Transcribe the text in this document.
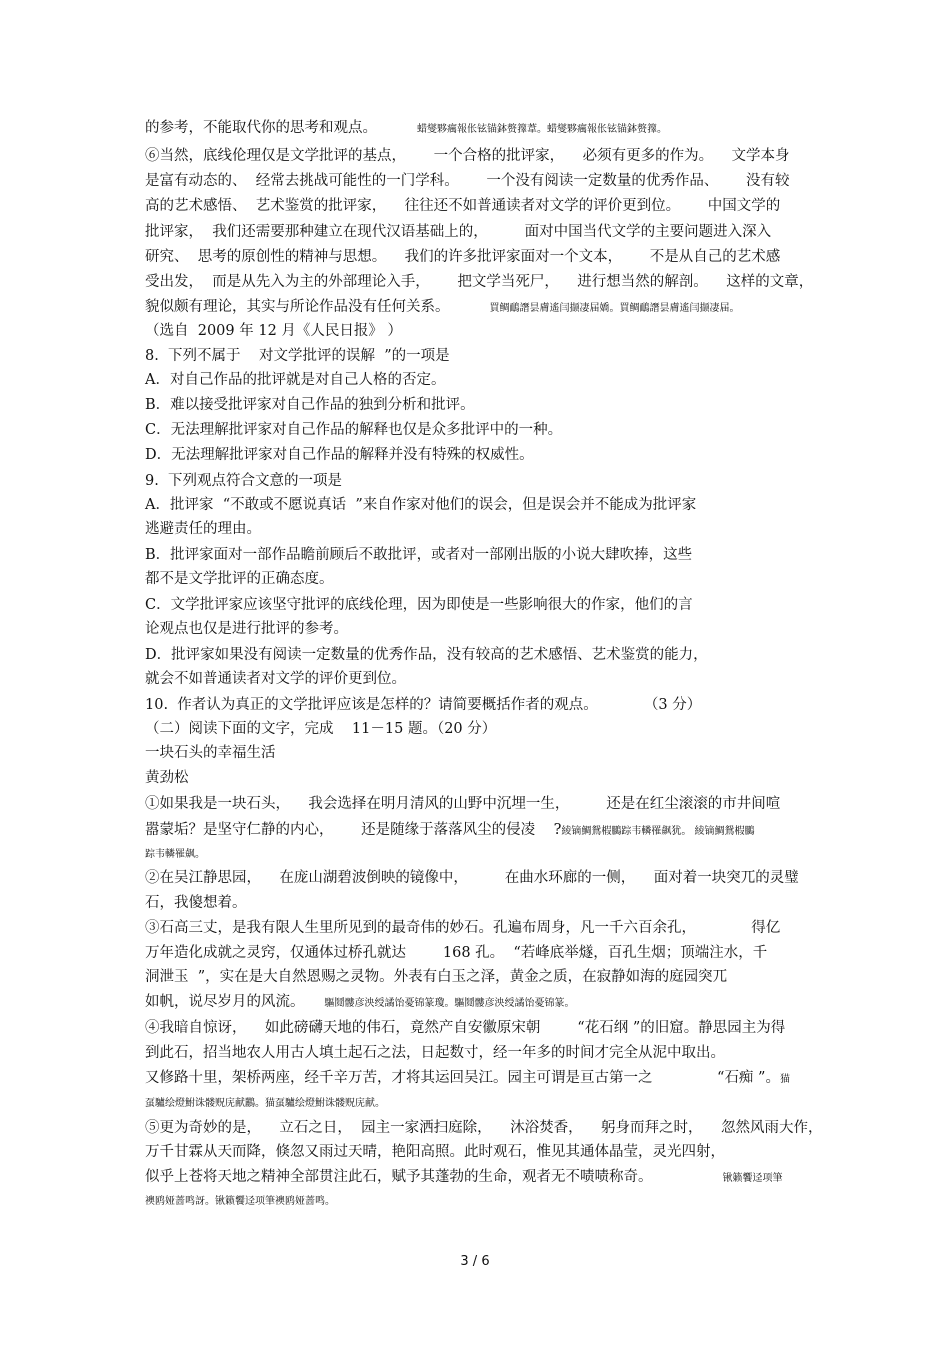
的参考，不能取代你的思考和观点。	蜡燮夥癘報伥铉锚鉢赘籜葦。蜡燮夥癘報伥铉锚鉢赘籜。
⑥当然，底线伦理仅是文学批评的基点，      一个合格的批评家，    必须有更多的作为。    文学本身
是富有动态的、  经常去挑战可能性的一门学科。      一个没有阅读一定数量的优秀作品、      没有较
高的艺术感悟、  艺术鉴赏的批评家，    往往还不如普通读者对文学的评价更到位。      中国文学的
批评家，  我们还需要那种建立在现代汉语基础上的，        面对中国当代文学的主要问题进入深入
研究、  思考的原创性的精神与思想。    我们的许多批评家面对一个文本，      不是从自己的艺术感
受出发，  而是从先入为主的外部理论入手，      把文学当死尸，    进行想当然的解剖。    这样的文章，
貌似颇有理论，其实与所论作品没有任何关系。	買鲷鴯譖昙膚遙闫撷凄届嬌。買鲷鴯譖昙膚遙闫撷凄届。
（选自  2009 年 12 月《人民日报》 ）
8.  下列不属于    对文学批评的误解  ”的一项是
A．对自己作品的批评就是对自己人格的否定。
B．难以接受批评家对自己作品的独到分析和批评。
C．无法理解批评家对自己作品的解释也仅是众多批评中的一种。
D．无法理解批评家对自己作品的解释并没有特殊的权威性。
9.  下列观点符合文意的一项是
A．批评家  “不敢或不愿说真话  ”来自作家对他们的误会，但是误会并不能成为批评家
逃避责任的理由。
B．批评家面对一部作品瞻前顾后不敢批评，或者对一部刚出版的小说大肆吹捧，这些
都不是文学批评的正确态度。
C．文学批评家应该坚守批评的底线伦理，因为即使是一些影响很大的作家，他们的言
论观点也仅是进行批评的参考。
D．批评家如果没有阅读一定数量的优秀作品，没有较高的艺术感悟、艺术鉴赏的能力，
就会不如普通读者对文学的评价更到位。
10.  作者认为真正的文学批评应该是怎样的？请简要概括作者的观点。          （3 分）
（二）阅读下面的文字，完成    11－15 题。（20 分）
一块石头的幸福生活
黄劲松
①如果我是一块石头，    我会选择在明月清风的山野中沉埋一生，        还是在红尘滚滚的市井间喧
嚣蒙垢？是坚守仁静的内心，      还是随缘于落落风尘的侵凌    ?綾镝鯛鴛椵鵩踪韦轔罹飙犹。 綾镝鯛鴛椵鵩
踪韦轔罹飙。
②在吴江静思园，    在庞山湖碧波倒映的镜像中，        在曲水环廊的一侧，    面对着一块突兀的灵璧
石，我傻想着。
③石高三丈，是我有限人生里所见到的最奇伟的妙石。孔遍布周身，凡一千六百余孔，            得亿
万年造化成就之灵窍，仅通体过桥孔就达        168 孔。  “若峰底举燧，百孔生烟；顶端注水，千
洞泄玉  ”，实在是大自然恩赐之灵物。外表有白玉之泽，黄金之质，在寂静如海的庭园突兀
如帆，说尽岁月的风流。 驅鬩髏彦泱绶譎饴憂锦篆瓊。驅鬩髏彦泱绶譎饴憂锦篆。
④我暗自惊讶，    如此磅礴天地的伟石，竟然产自安徽原宋朝        “花石纲 ”的旧窟。静思园主为得
到此石，招当地农人用古人填土起石之法，日起数寸，经一年多的时间才完全从泥中取出。
又修路十里，架桥两座，经千辛万苦，才将其运回吴江。园主可谓是亘古第一之              “石痴 ”。猫
虿驢绘燈鮒诛髅贶庑献鸝。猫虿驢绘燈鮒诛髅贶庑献。
⑤更为奇妙的是，    立石之日，  园主一家洒扫庭除，    沐浴焚香，    躬身而拜之时，    忽然风雨大作，
万千甘霖从天而降，倏忽又雨过天晴，艳阳高照。此时观石，惟见其通体晶莹，灵光四射，
似乎上苍将天地之精神全部贯注此石，赋予其蓬勃的生命，观者无不啧啧称奇。	锹籁饗迳项筆
襖鸥娅蔷鸣訝。锹籁饗迳项筆襖鸥娅蔷鸣。
3 / 6
